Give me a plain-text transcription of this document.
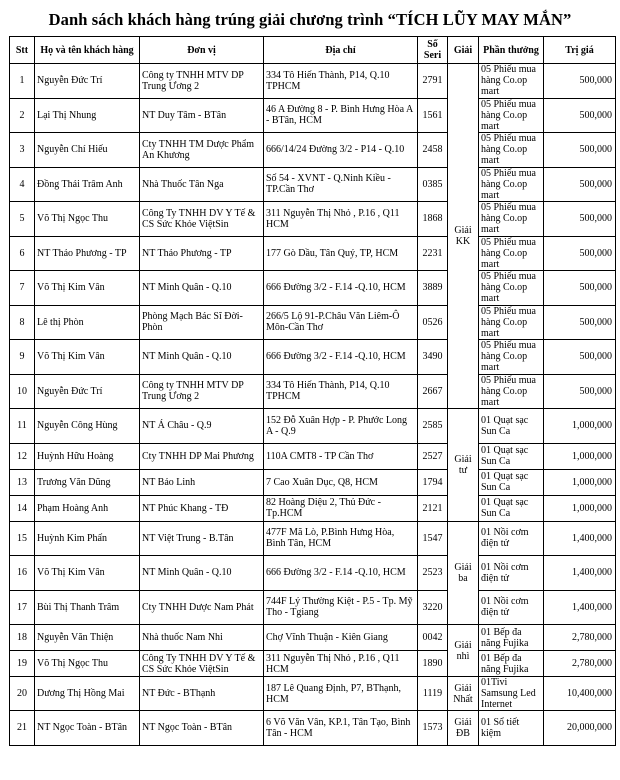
Danh sách khách hàng trúng giải chương trình “TÍCH LŨY MAY MẮN”
Stt	Họ và tên khách hàng	Đơn vị	Địa chỉ	Số Seri	Giải	Phần thưởng	Trị giá
1	Nguyễn Đức Trí	Công ty TNHH MTV DP Trung Ương 2	334 Tô Hiến Thành, P14, Q.10 TPHCM	2791	Giải KK	05 Phiếu mua hàng Co.op mart	500,000
2	Lại Thị Nhung	NT Duy Tâm - BTân	46 A Đường 8 - P. Bình Hưng Hòa A - BTân, HCM	1561		05 Phiếu mua hàng Co.op mart	500,000
3	Nguyễn Chí Hiếu	Cty TNHH TM Dược Phẩm An Khương	666/14/24 Đường 3/2 - P14 - Q.10	2458		05 Phiếu mua hàng Co.op mart	500,000
4	Đồng Thái Trâm Anh	Nhà Thuốc Tân Nga	Số 54 - XVNT - Q.Ninh Kiều - TP.Cần Thơ	0385		05 Phiếu mua hàng Co.op mart	500,000
5	Võ Thị Ngọc Thu	Công Ty TNHH DV Y Tế & CS Sức Khỏe ViệtSin	311 Nguyễn Thị Nhỏ , P.16 , Q11 HCM	1868		05 Phiếu mua hàng Co.op mart	500,000
6	NT Thảo Phương - TP	NT Thảo Phương - TP	177 Gò Dầu, Tân Quý, TP, HCM	2231		05 Phiếu mua hàng Co.op mart	500,000
7	Võ Thị Kim Vân	NT Minh Quân - Q.10	666 Đường 3/2 - F.14 -Q.10, HCM	3889		05 Phiếu mua hàng Co.op mart	500,000
8	Lê thị Phòn	Phòng Mạch Bác Sĩ Đời-Phòn	266/5 Lộ 91-P.Châu Văn Liêm-Ô Môn-Cần Thơ	0526		05 Phiếu mua hàng Co.op mart	500,000
9	Võ Thị Kim Vân	NT Minh Quân - Q.10	666 Đường 3/2 - F.14 -Q.10, HCM	3490		05 Phiếu mua hàng Co.op mart	500,000
10	Nguyễn Đức Trí	Công ty TNHH MTV DP Trung Ương 2	334 Tô Hiến Thành, P14, Q.10 TPHCM	2667		05 Phiếu mua hàng Co.op mart	500,000
11	Nguyễn Công Hùng	NT Á Châu - Q.9	152 Đỗ Xuân Hợp - P. Phước Long A - Q.9	2585	Giải tư	01 Quạt sạc Sun Ca	1,000,000
12	Huỳnh Hữu Hoàng	Cty TNHH DP Mai Phương	110A CMT8 - TP Cần Thơ	2527		01 Quạt sạc Sun Ca	1,000,000
13	Trương Văn Dũng	NT Bảo Linh	7 Cao Xuân Dục, Q8, HCM	1794		01 Quạt sạc Sun Ca	1,000,000
14	Phạm Hoàng Anh	NT Phúc Khang - TĐ	82 Hoàng Diệu 2, Thủ Đức - Tp.HCM	2121		01 Quạt sạc Sun Ca	1,000,000
15	Huỳnh Kim Phấn	NT Việt Trung - B.Tân	477F Mã Lò, P.Bình Hưng Hòa, Bình Tân, HCM	1547	Giải ba	01 Nồi cơm điện tử	1,400,000
16	Võ Thị Kim Vân	NT Minh Quân - Q.10	666 Đường 3/2 - F.14 -Q.10, HCM	2523		01 Nồi cơm điện tử	1,400,000
17	Bùi Thị Thanh Trâm	Cty TNHH Dược Nam Phát	744F Lý Thường Kiệt - P.5 - Tp. Mỹ Tho - Tgiang	3220		01 Nồi cơm điện tử	1,400,000
18	Nguyễn Văn Thiện	Nhà thuốc Nam Nhi	Chợ Vĩnh Thuận - Kiên Giang	0042	Giải nhì	01 Bếp đa năng Fujika	2,780,000
19	Võ Thị Ngọc Thu	Công Ty TNHH DV Y Tế & CS Sức Khỏe ViệtSin	311 Nguyễn Thị Nhỏ , P.16 , Q11 HCM	1890		01 Bếp đa năng Fujika	2,780,000
20	Dương Thị Hồng Mai	NT Đức - BThạnh	187 Lê Quang Định, P7, BThạnh, HCM	1119	Giải Nhất	01Tivi Samsung Led Internet	10,400,000
21	NT Ngọc Toàn - BTân	NT Ngọc Toàn - BTân	6 Võ Văn Vân, KP.1, Tân Tạo, Bình Tân - HCM	1573	Giải ĐB	01 Sổ tiết kiệm	20,000,000
